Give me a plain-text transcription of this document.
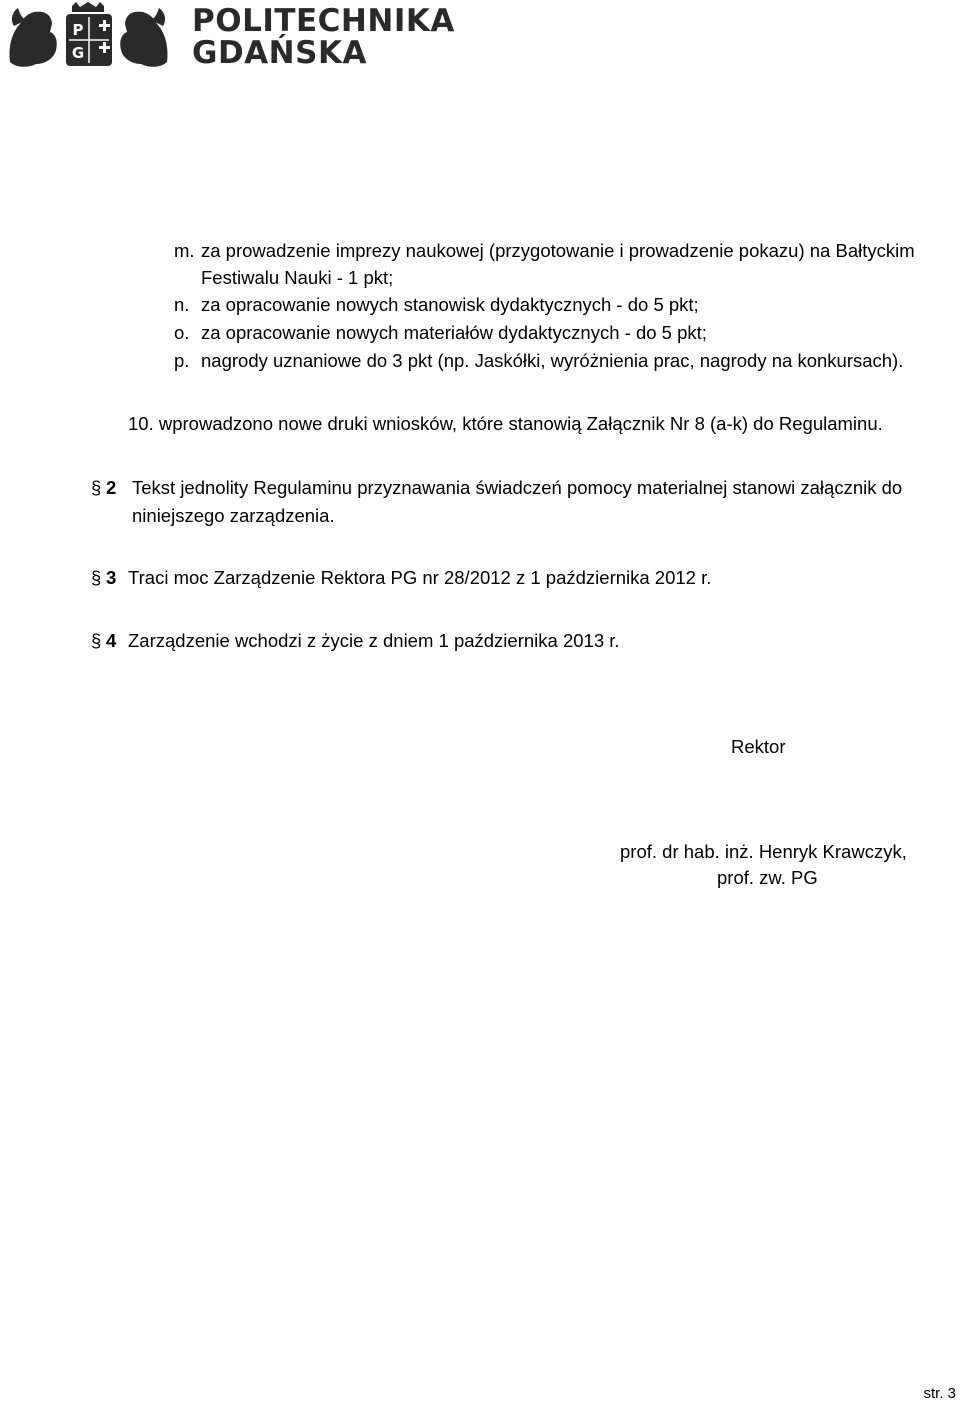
P
G
POLITECHNIKA
GDAŃSKA
m. za prowadzenie imprezy naukowej (przygotowanie i prowadzenie pokazu) na Bałtyckim
Festiwalu Nauki - 1 pkt;
n. za opracowanie nowych stanowisk dydaktycznych - do 5 pkt;
o. za opracowanie nowych materiałów dydaktycznych - do 5 pkt;
p. nagrody uznaniowe do 3 pkt (np. Jaskółki, wyróżnienia prac, nagrody na konkursach).
10. wprowadzono nowe druki wniosków, które stanowią Załącznik Nr 8 (a-k) do Regulaminu.
§ 2 Tekst jednolity Regulaminu przyznawania świadczeń pomocy materialnej stanowi załącznik do
niniejszego zarządzenia.
§ 3 Traci moc Zarządzenie Rektora PG nr 28/2012 z 1 października 2012 r.
§ 4 Zarządzenie wchodzi z życie z dniem 1 października 2013 r.
Rektor
prof. dr hab. inż. Henryk Krawczyk,
prof. zw. PG
str. 3
